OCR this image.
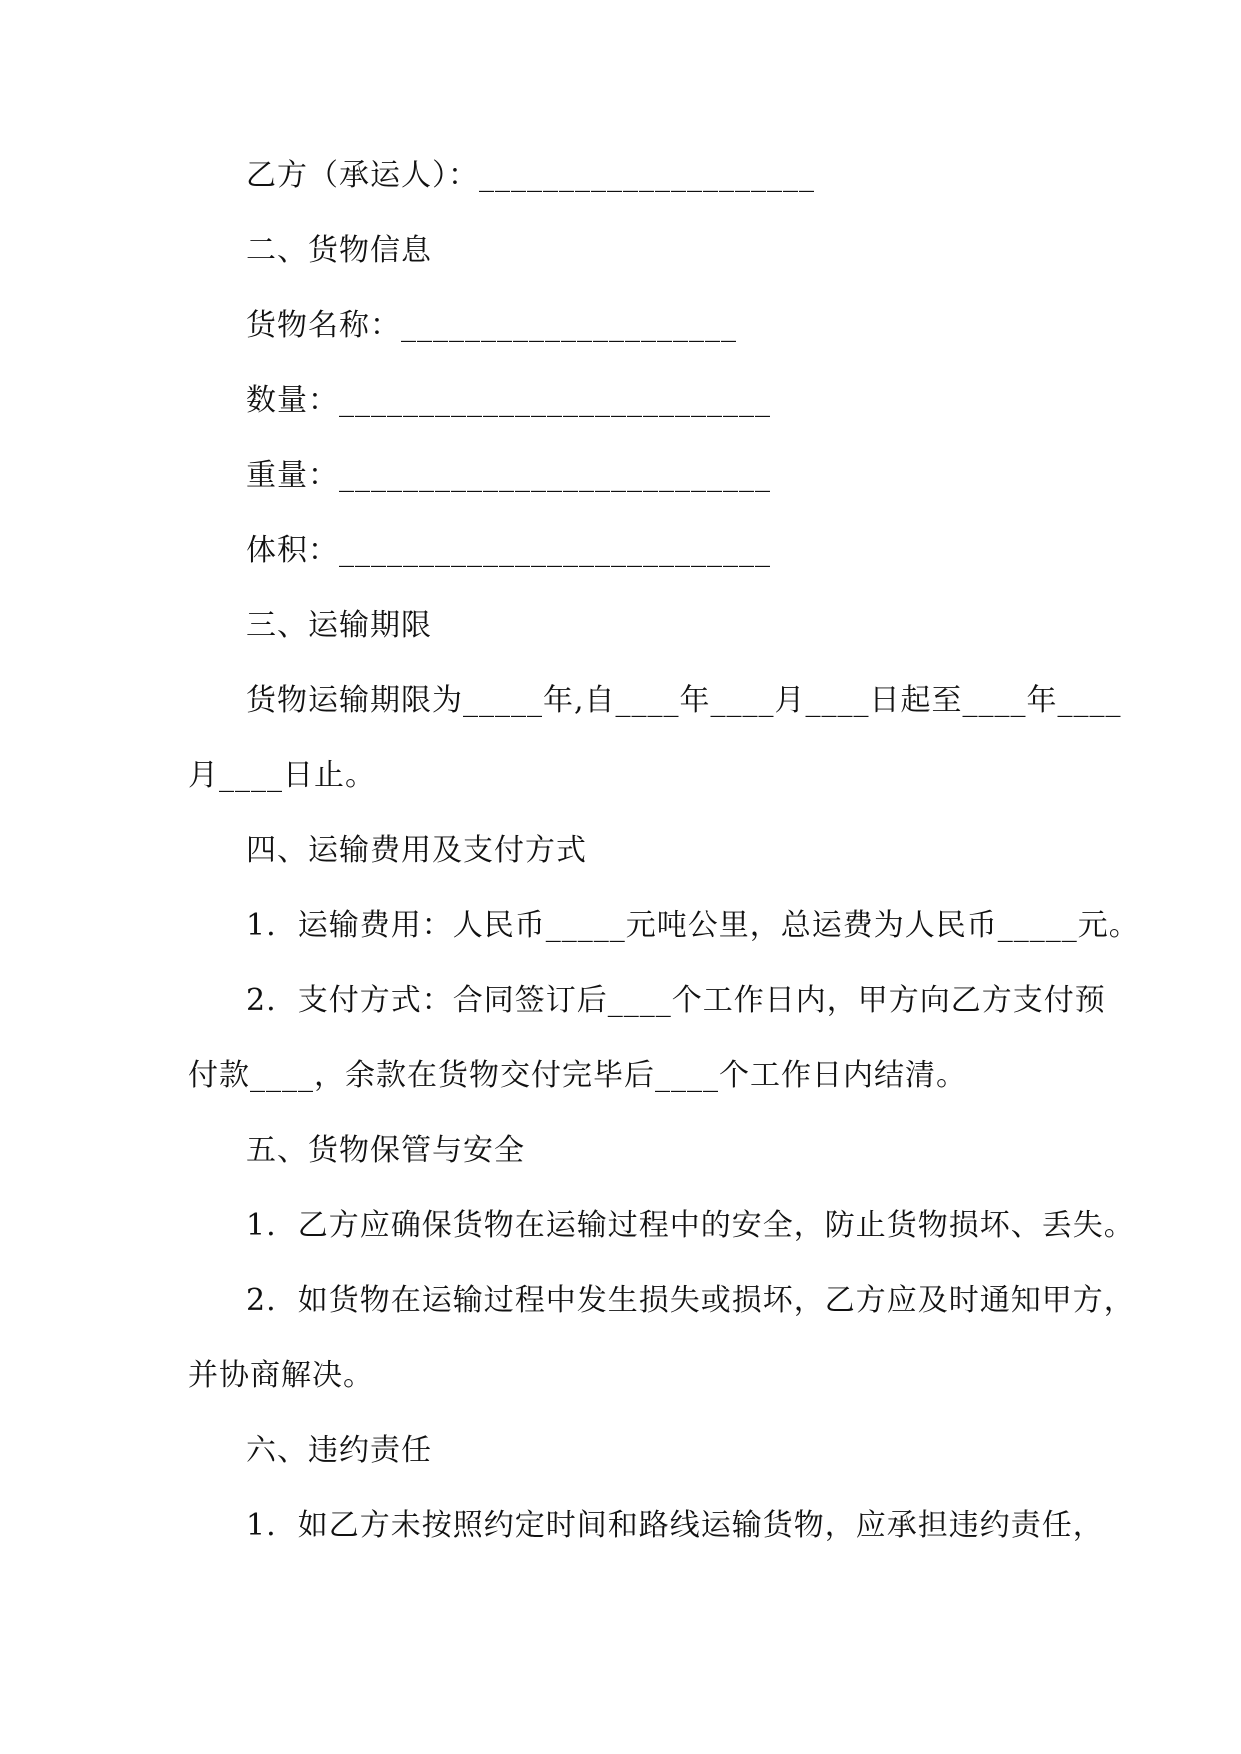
乙方（承运人）：_____________________
二、货物信息
货物名称：_____________________
数量：___________________________
重量：___________________________
体积：___________________________
三、运输期限
货物运输期限为_____年,自____年____月____日起至____年____
月____日止。
四、运输费用及支付方式
1.  运输费用：人民币_____元吨公里，总运费为人民币_____元。
2.  支付方式：合同签订后____个工作日内，甲方向乙方支付预
付款____，余款在货物交付完毕后____个工作日内结清。
五、货物保管与安全
1.  乙方应确保货物在运输过程中的安全，防止货物损坏、丢失。
2.  如货物在运输过程中发生损失或损坏，乙方应及时通知甲方，
并协商解决。
六、违约责任
1.  如乙方未按照约定时间和路线运输货物，应承担违约责任，
